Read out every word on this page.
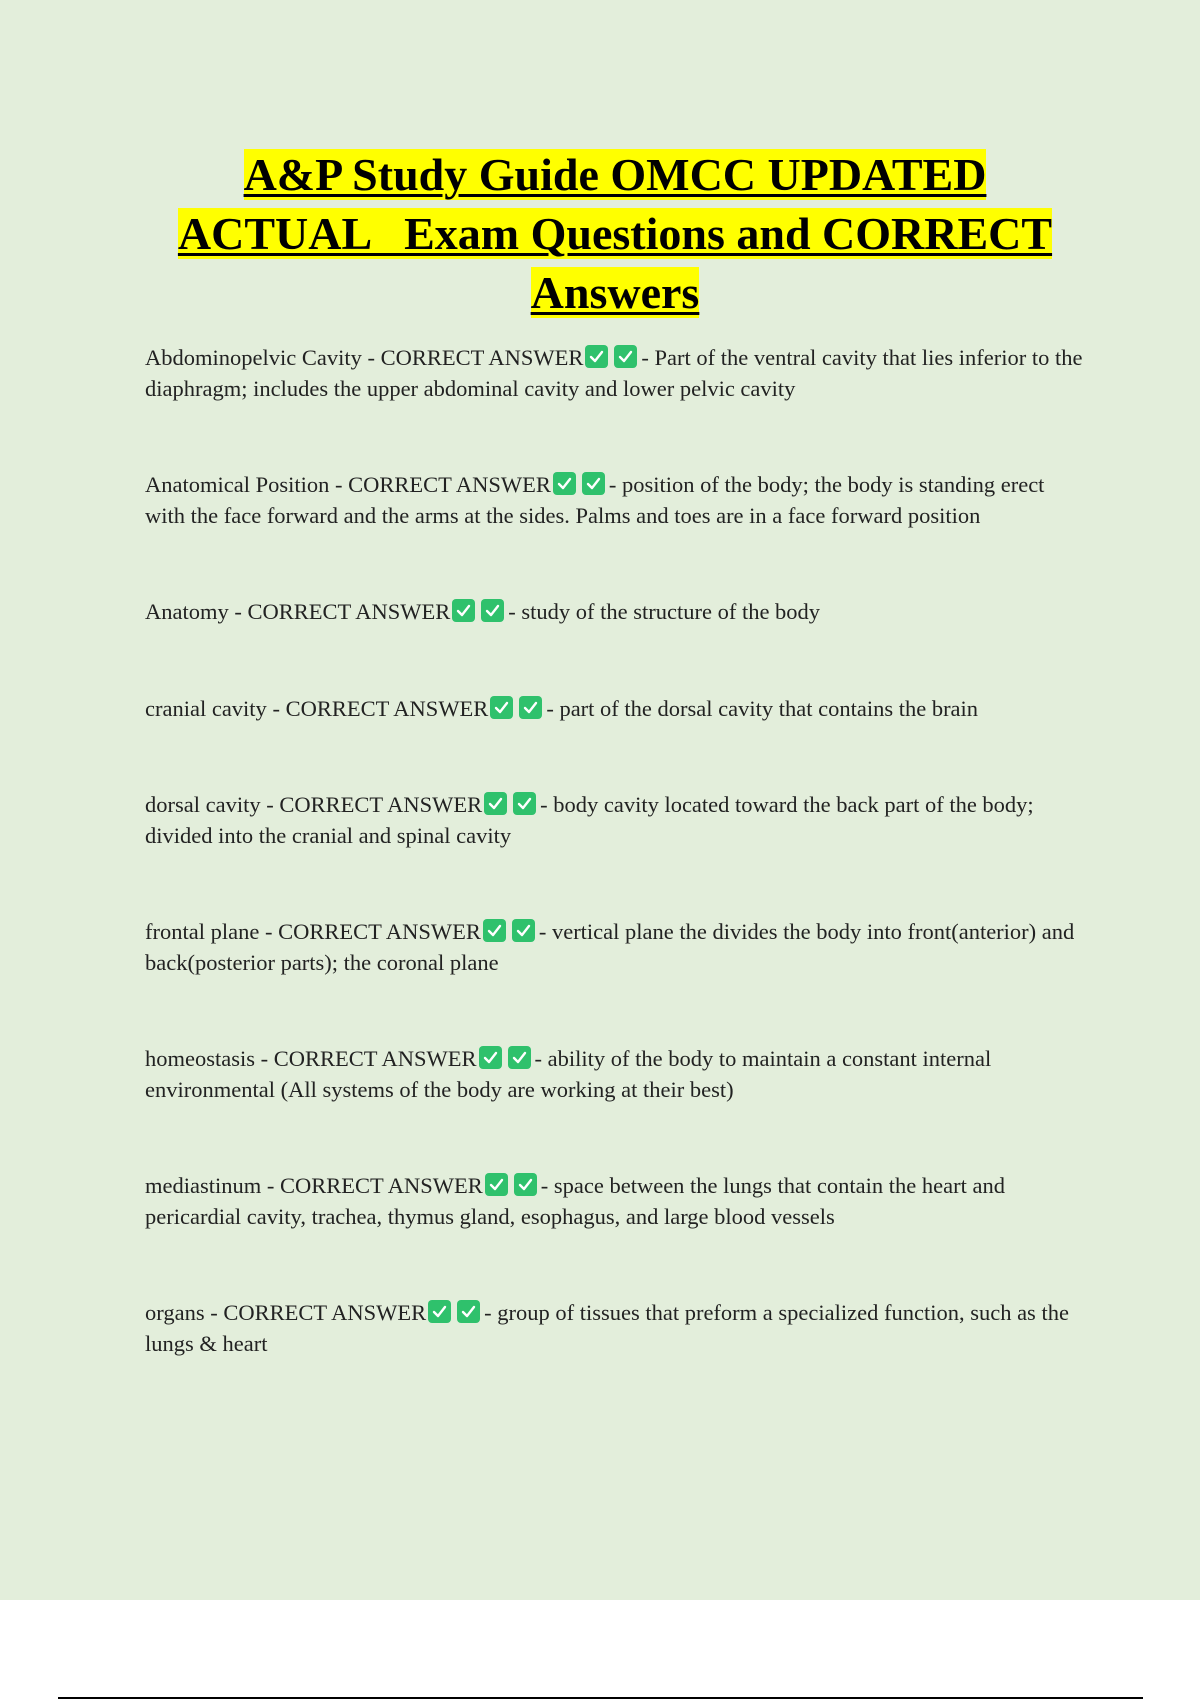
A&P Study Guide OMCC UPDATED
ACTUAL   Exam Questions and CORRECT
Answers

Abdominopelvic Cavity - CORRECT ANSWER	- Part of the ventral cavity that lies inferior to the diaphragm; includes the upper abdominal cavity and lower pelvic cavity

Anatomical Position - CORRECT ANSWER	- position of the body; the body is standing erect with the face forward and the arms at the sides. Palms and toes are in a face forward position

Anatomy - CORRECT ANSWER	- study of the structure of the body

cranial cavity - CORRECT ANSWER	- part of the dorsal cavity that contains the brain

dorsal cavity - CORRECT ANSWER	- body cavity located toward the back part of the body; divided into the cranial and spinal cavity

frontal plane - CORRECT ANSWER	- vertical plane the divides the body into front(anterior) and back(posterior parts); the coronal plane

homeostasis - CORRECT ANSWER	- ability of the body to maintain a constant internal environmental (All systems of the body are working at their best)

mediastinum - CORRECT ANSWER	- space between the lungs that contain the heart and pericardial cavity, trachea, thymus gland, esophagus, and large blood vessels

organs - CORRECT ANSWER	- group of tissues that preform a specialized function, such as the lungs & heart
